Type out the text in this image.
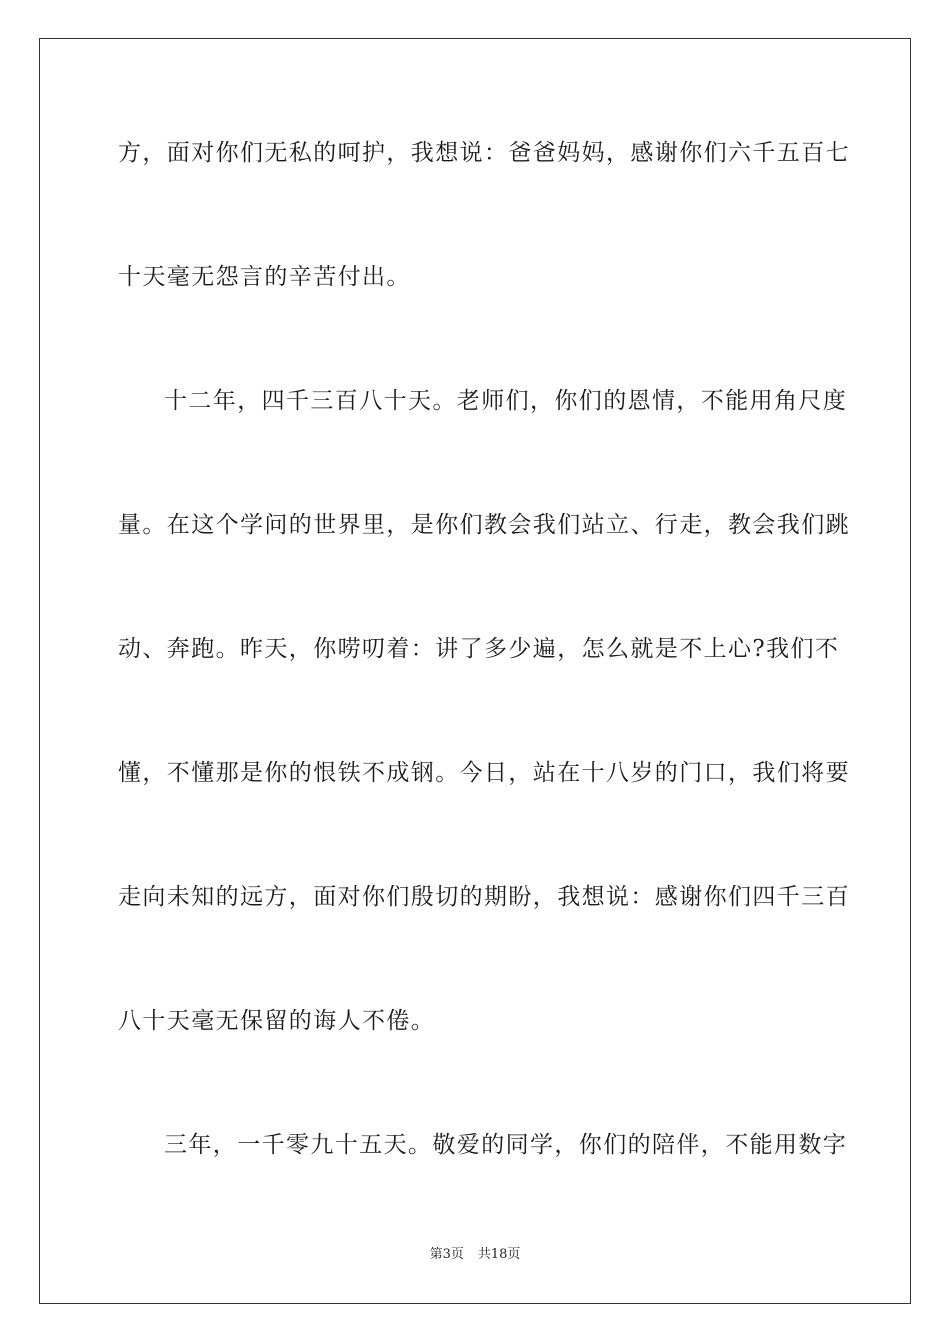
方，面对你们无私的呵护，我想说：爸爸妈妈，感谢你们六千五百七
十天毫无怨言的辛苦付出。
十二年，四千三百八十天。老师们，你们的恩情，不能用角尺度
量。在这个学问的世界里，是你们教会我们站立、行走，教会我们跳
动、奔跑。昨天，你唠叨着：讲了多少遍，怎么就是不上心?我们不
懂，不懂那是你的恨铁不成钢。今日，站在十八岁的门口，我们将要
走向未知的远方，面对你们殷切的期盼，我想说：感谢你们四千三百
八十天毫无保留的诲人不倦。
三年，一千零九十五天。敬爱的同学，你们的陪伴，不能用数字
第3页 共18页
